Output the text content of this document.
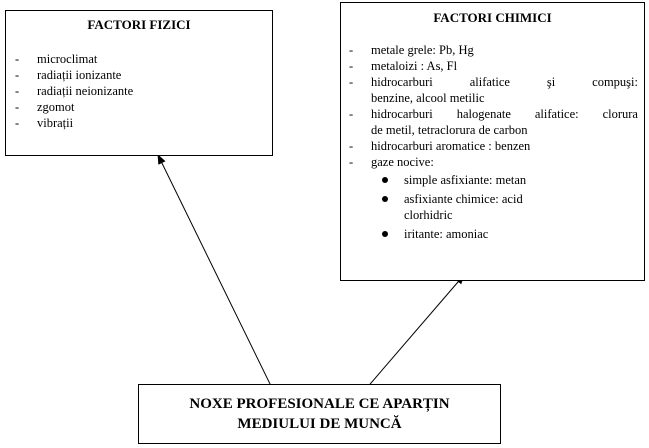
FACTORI FIZICI

- microclimat
- radiații ionizante
- radiații neionizante
- zgomot
- vibrații

FACTORI CHIMICI

- metale grele: Pb, Hg
- metaloizi : As, Fl
- hidrocarburi alifatice şi compuşi:
benzine, alcool metilic
- hidrocarburi halogenate alifatice: clorura
de metil, tetraclorura de carbon
- hidrocarburi aromatice : benzen
- gaze nocive:
simple asfixiante: metan
asfixiante chimice: acid
clorhidric
iritante: amoniac
NOXE PROFESIONALE CE APARȚIN
MEDIULUI DE MUNCĂ
